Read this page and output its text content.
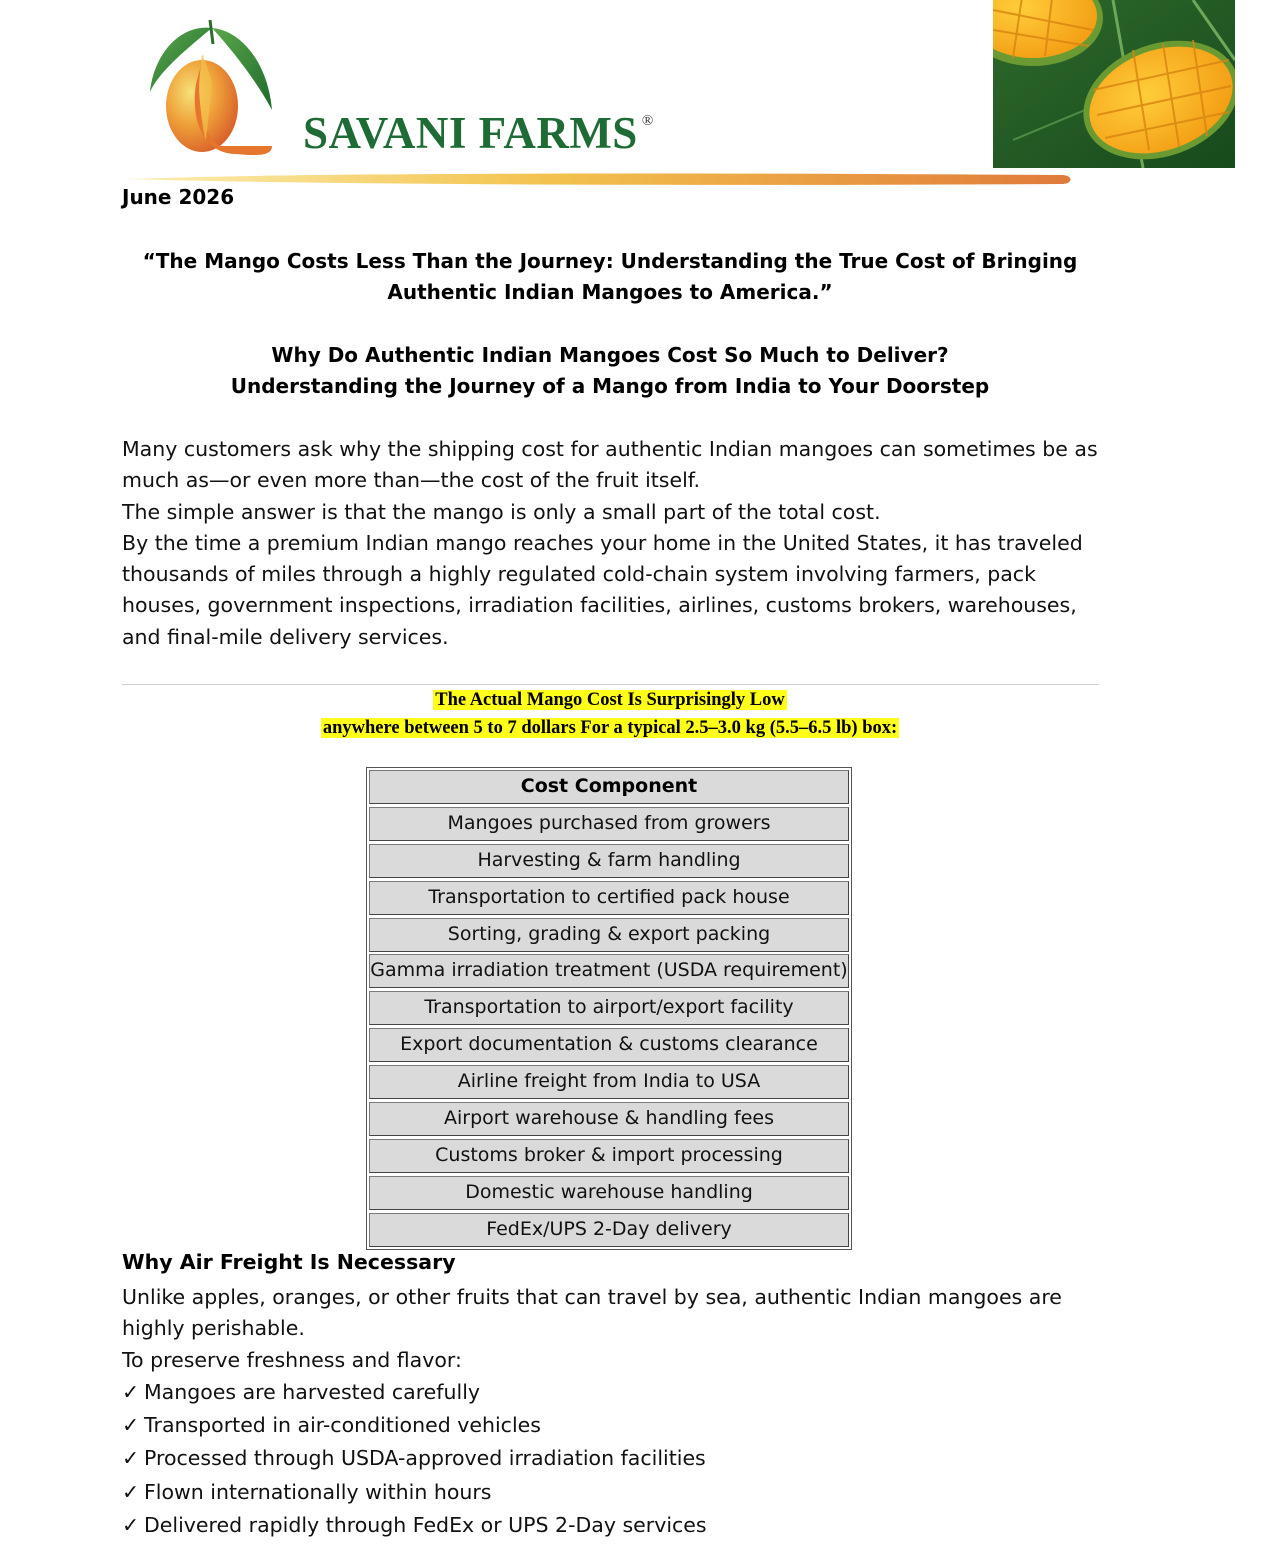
SAVANI FARMS ®
June 2026
“The Mango Costs Less Than the Journey: Understanding the True Cost of Bringing
Authentic Indian Mangoes to America.”
Why Do Authentic Indian Mangoes Cost So Much to Deliver?
Understanding the Journey of a Mango from India to Your Doorstep
Many customers ask why the shipping cost for authentic Indian mangoes can sometimes be as much as—or even more than—the cost of the fruit itself.
The simple answer is that the mango is only a small part of the total cost.
By the time a premium Indian mango reaches your home in the United States, it has traveled thousands of miles through a highly regulated cold-chain system involving farmers, pack houses, government inspections, irradiation facilities, airlines, customs brokers, warehouses, and final-mile delivery services.
The Actual Mango Cost Is Surprisingly Low
anywhere between 5 to 7 dollars For a typical 2.5–3.0 kg (5.5–6.5 lb) box:
Cost Component
Mangoes purchased from growers
Harvesting & farm handling
Transportation to certified pack house
Sorting, grading & export packing
Gamma irradiation treatment (USDA requirement)
Transportation to airport/export facility
Export documentation & customs clearance
Airline freight from India to USA
Airport warehouse & handling fees
Customs broker & import processing
Domestic warehouse handling
FedEx/UPS 2-Day delivery
Why Air Freight Is Necessary
Unlike apples, oranges, or other fruits that can travel by sea, authentic Indian mangoes are highly perishable.
To preserve freshness and flavor:
✓ Mangoes are harvested carefully
✓ Transported in air-conditioned vehicles
✓ Processed through USDA-approved irradiation facilities
✓ Flown internationally within hours
✓ Delivered rapidly through FedEx or UPS 2-Day services
